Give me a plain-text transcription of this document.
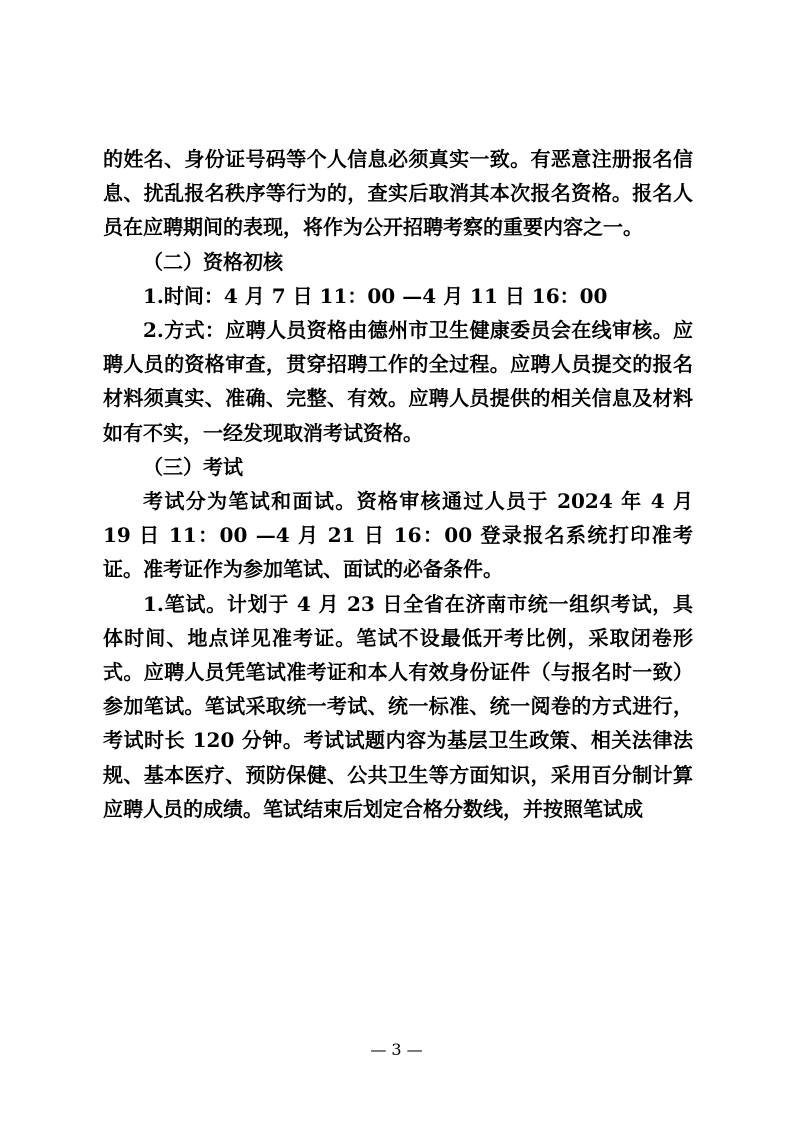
的姓名、身份证号码等个人信息必须真实一致。有恶意注册报名信息、扰乱报名秩序等行为的，查实后取消其本次报名资格。报名人员在应聘期间的表现，将作为公开招聘考察的重要内容之一。

（二）资格初核

1.时间：4 月 7 日 11：00 —4 月 11 日 16：00

2.方式：应聘人员资格由德州市卫生健康委员会在线审核。应聘人员的资格审查，贯穿招聘工作的全过程。应聘人员提交的报名材料须真实、准确、完整、有效。应聘人员提供的相关信息及材料如有不实，一经发现取消考试资格。

（三）考试

考试分为笔试和面试。资格审核通过人员于 2024 年 4 月 19 日 11：00 —4 月 21 日 16：00 登录报名系统打印准考证。准考证作为参加笔试、面试的必备条件。

1.笔试。计划于 4 月 23 日全省在济南市统一组织考试，具体时间、地点详见准考证。笔试不设最低开考比例，采取闭卷形式。应聘人员凭笔试准考证和本人有效身份证件（与报名时一致）参加笔试。笔试采取统一考试、统一标准、统一阅卷的方式进行，考试时长 120 分钟。考试试题内容为基层卫生政策、相关法律法规、基本医疗、预防保健、公共卫生等方面知识，采用百分制计算应聘人员的成绩。笔试结束后划定合格分数线，并按照笔试成

— 3 —
